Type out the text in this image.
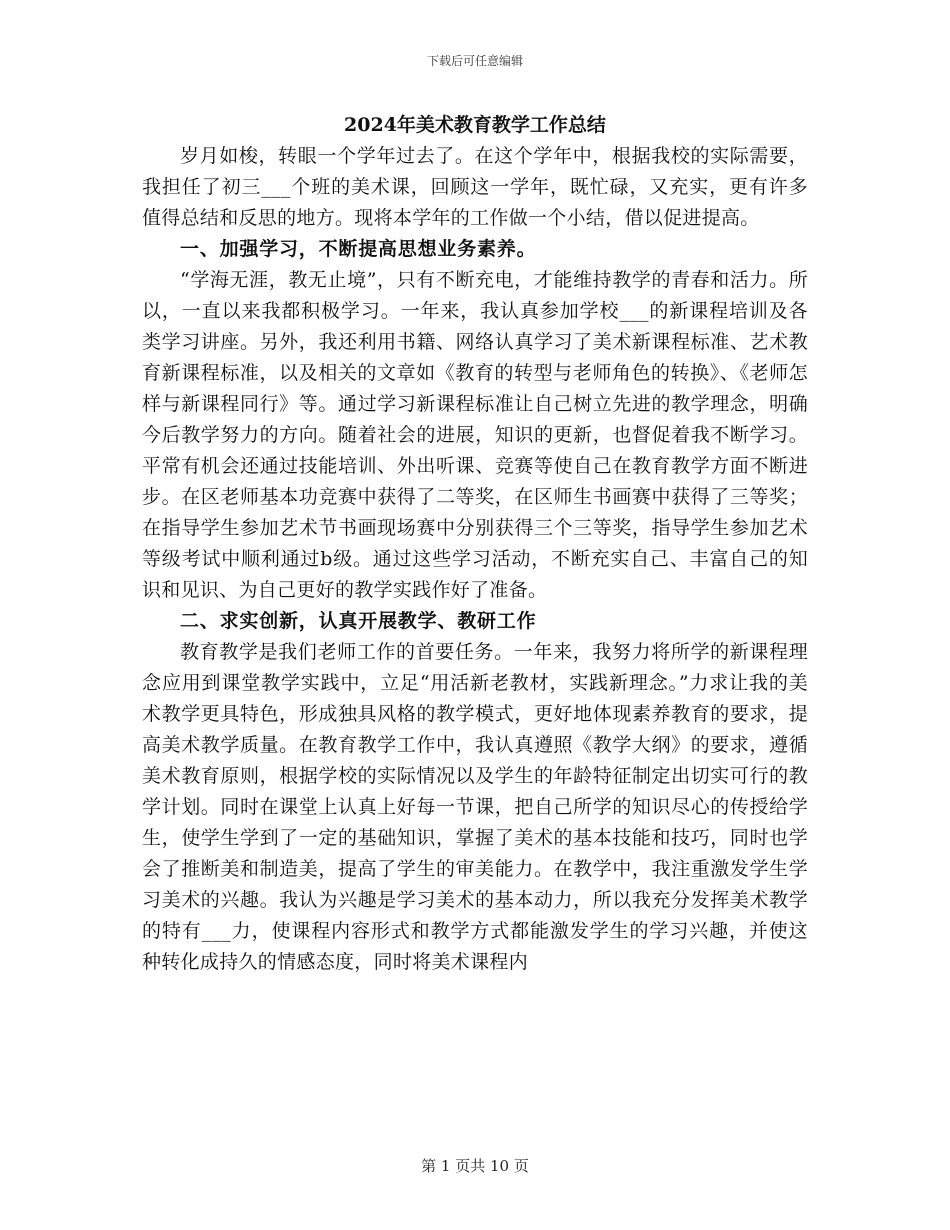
下载后可任意编辑
2024年美术教育教学工作总结

岁月如梭，转眼一个学年过去了。在这个学年中，根据我校的实际需要，我担任了初三___个班的美术课，回顾这一学年，既忙碌，又充实，更有许多值得总结和反思的地方。现将本学年的工作做一个小结，借以促进提高。

一、加强学习，不断提高思想业务素养。

“学海无涯，教无止境”，只有不断充电，才能维持教学的青春和活力。所以，一直以来我都积极学习。一年来，我认真参加学校___的新课程培训及各类学习讲座。另外，我还利用书籍、网络认真学习了美术新课程标准、艺术教育新课程标准，以及相关的文章如《教育的转型与老师角色的转换》、《老师怎样与新课程同行》等。通过学习新课程标准让自己树立先进的教学理念，明确今后教学努力的方向。随着社会的进展，知识的更新，也督促着我不断学习。平常有机会还通过技能培训、外出听课、竞赛等使自己在教育教学方面不断进步。在区老师基本功竞赛中获得了二等奖，在区师生书画赛中获得了三等奖；在指导学生参加艺术节书画现场赛中分别获得三个三等奖，指导学生参加艺术等级考试中顺利通过b级。通过这些学习活动，不断充实自己、丰富自己的知识和见识、为自己更好的教学实践作好了准备。

二、求实创新，认真开展教学、教研工作

教育教学是我们老师工作的首要任务。一年来，我努力将所学的新课程理念应用到课堂教学实践中，立足“用活新老教材，实践新理念。”力求让我的美术教学更具特色，形成独具风格的教学模式，更好地体现素养教育的要求，提高美术教学质量。在教育教学工作中，我认真遵照《教学大纲》的要求，遵循美术教育原则，根据学校的实际情况以及学生的年龄特征制定出切实可行的教学计划。同时在课堂上认真上好每一节课，把自己所学的知识尽心的传授给学生，使学生学到了一定的基础知识，掌握了美术的基本技能和技巧，同时也学会了推断美和制造美，提高了学生的审美能力。在教学中，我注重激发学生学习美术的兴趣。我认为兴趣是学习美术的基本动力，所以我充分发挥美术教学的特有___力，使课程内容形式和教学方式都能激发学生的学习兴趣，并使这种转化成持久的情感态度，同时将美术课程内

第 1 页共 10 页
